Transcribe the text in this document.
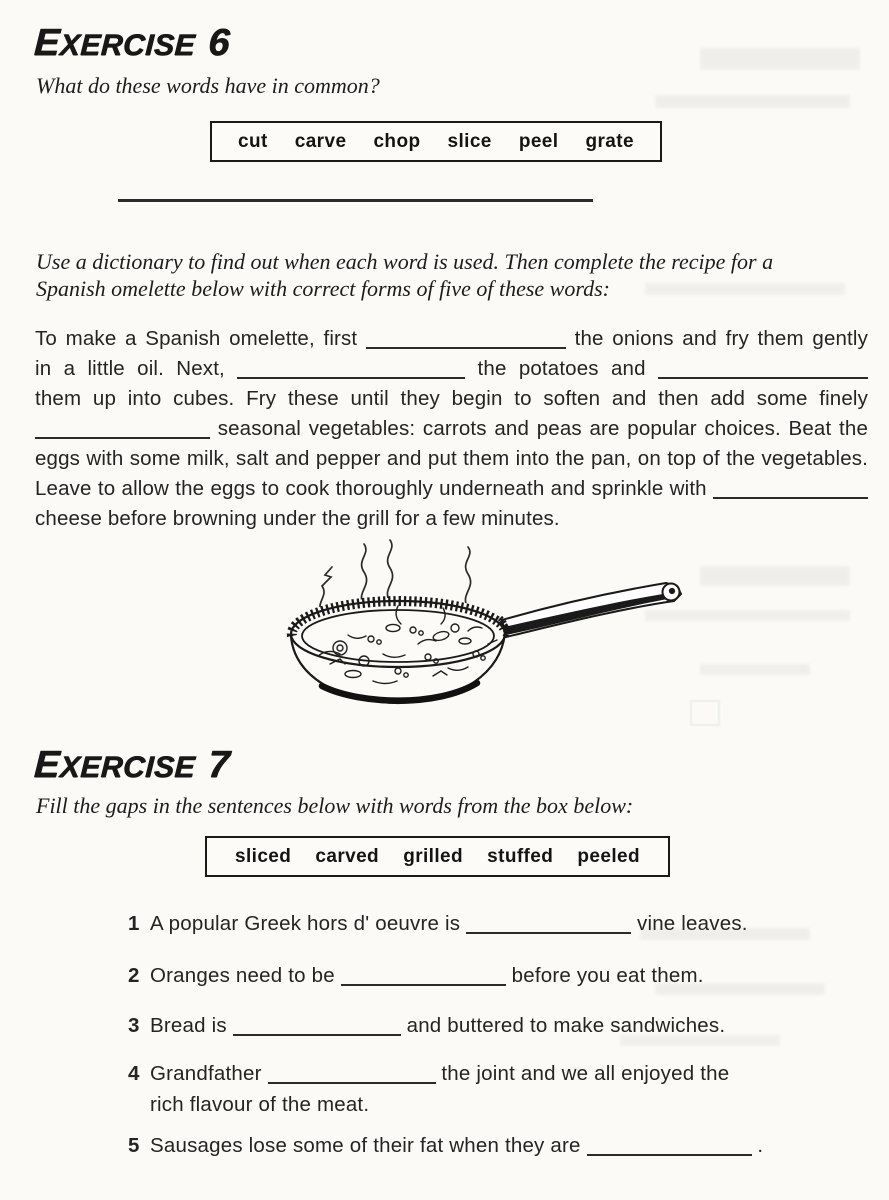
EXERCISE 6

What do these words have in common?

cut carve chop slice peel grate

Use a dictionary to find out when each word is used. Then complete the recipe for a
Spanish omelette below with correct forms of five of these words:

To make a Spanish omelette, first	the onions and fry them gently
in a little oil. Next,	the potatoes and
them up into cubes. Fry these until they begin to soften and then add some finely
seasonal vegetables: carrots and peas are popular choices. Beat the
eggs with some milk, salt and pepper and put them into the pan, on top of the vegetables.
Leave to allow the eggs to cook thoroughly underneath and sprinkle with
cheese before browning under the grill for a few minutes.
EXERCISE 7

Fill the gaps in the sentences below with words from the box below:

sliced carved grilled stuffed peeled
1 A popular Greek hors d' oeuvre is	vine leaves.
2 Oranges need to be	before you eat them.
3 Bread is	and buttered to make sandwiches.
4 Grandfather	the joint and we all enjoyed the
rich flavour of the meat.
5 Sausages lose some of their fat when they are	.
